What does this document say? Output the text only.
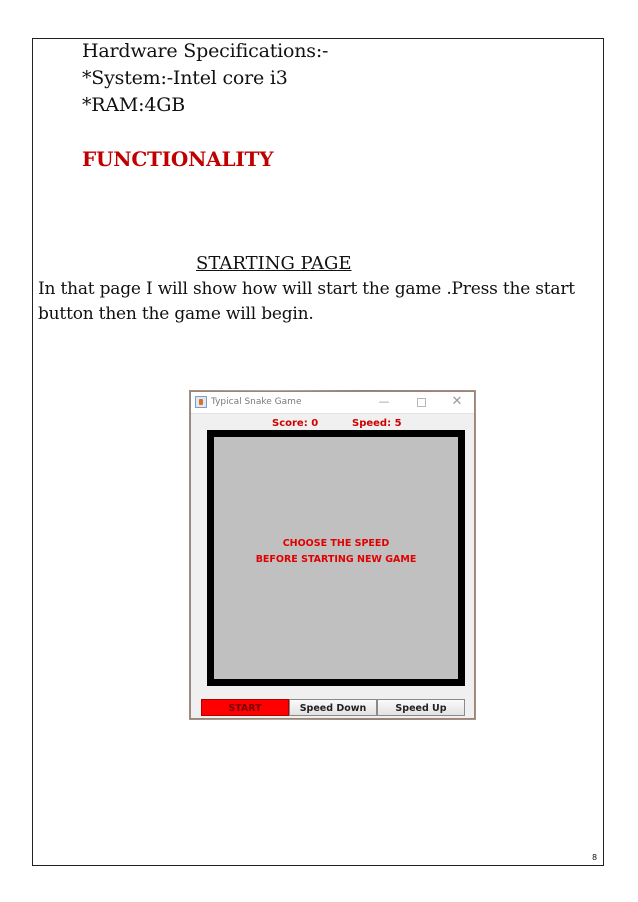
Hardware Specifications:-
*System:-Intel core i3
*RAM:4GB
FUNCTIONALITY
STARTING PAGE
In that page I will show how will start the game .Press the start
button then the game will begin.
Typical Snake Game	—	✕
Score: 0	Speed: 5
CHOOSE THE SPEED
BEFORE STARTING NEW GAME
START	Speed Down	Speed Up
8
